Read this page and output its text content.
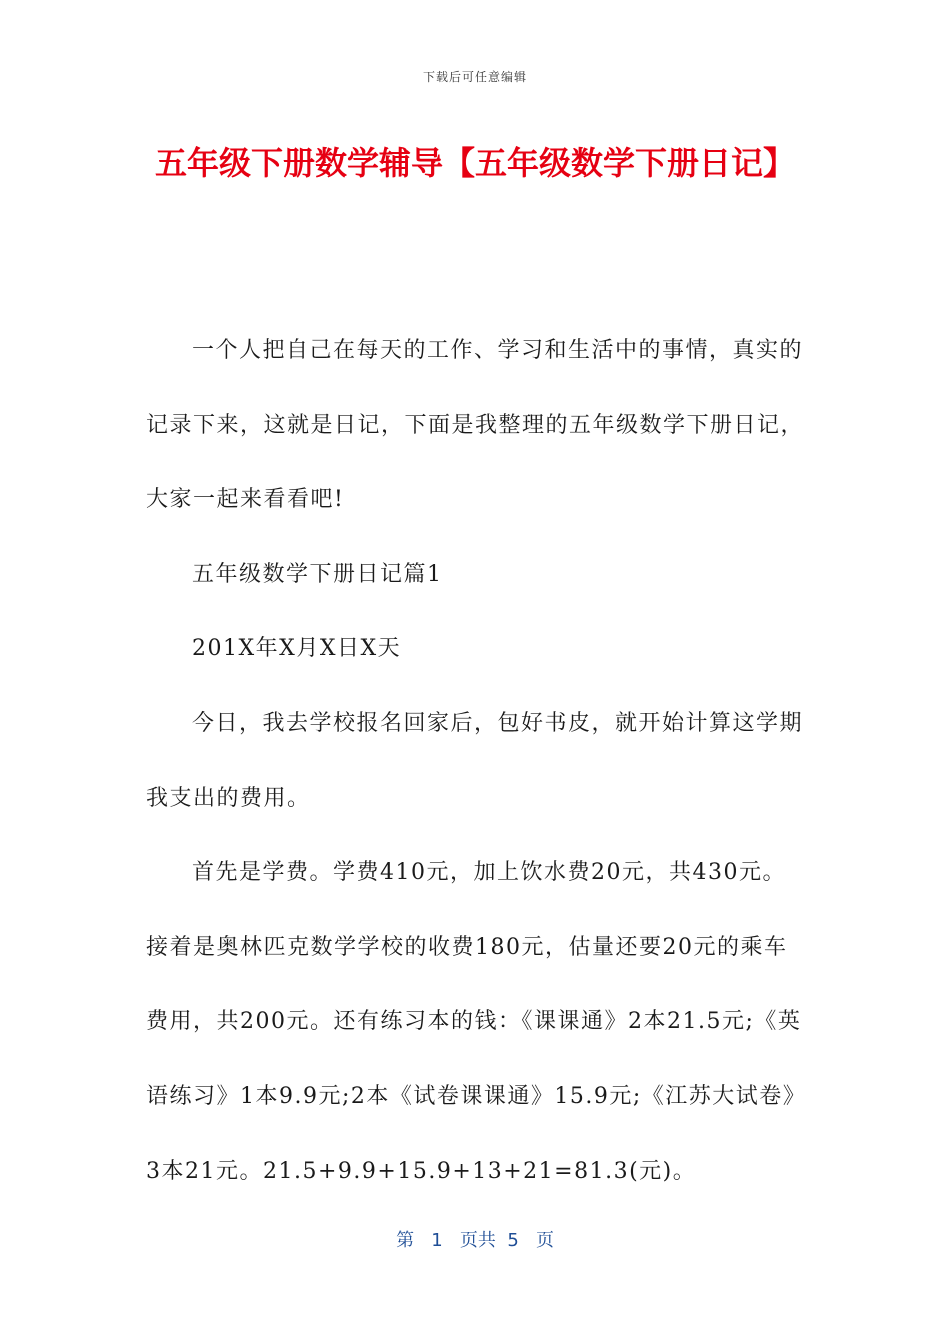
下载后可任意编辑
五年级下册数学辅导【五年级数学下册日记】

一个人把自己在每天的工作、学习和生活中的事情，真实的记录下来，这就是日记，下面是我整理的五年级数学下册日记，大家一起来看看吧!

五年级数学下册日记篇1

201X年X月X日X天

今日，我去学校报名回家后，包好书皮，就开始计算这学期我支出的费用。

首先是学费。学费410元，加上饮水费20元，共430元。接着是奥林匹克数学学校的收费180元，估量还要20元的乘车费用，共200元。还有练习本的钱：《课课通》2本21.5元;《英语练习》1本9.9元;2本《试卷课课通》15.9元;《江苏大试卷》3本21元。21.5+9.9+15.9+13+21=81.3(元)。

第 1 页共 5 页
